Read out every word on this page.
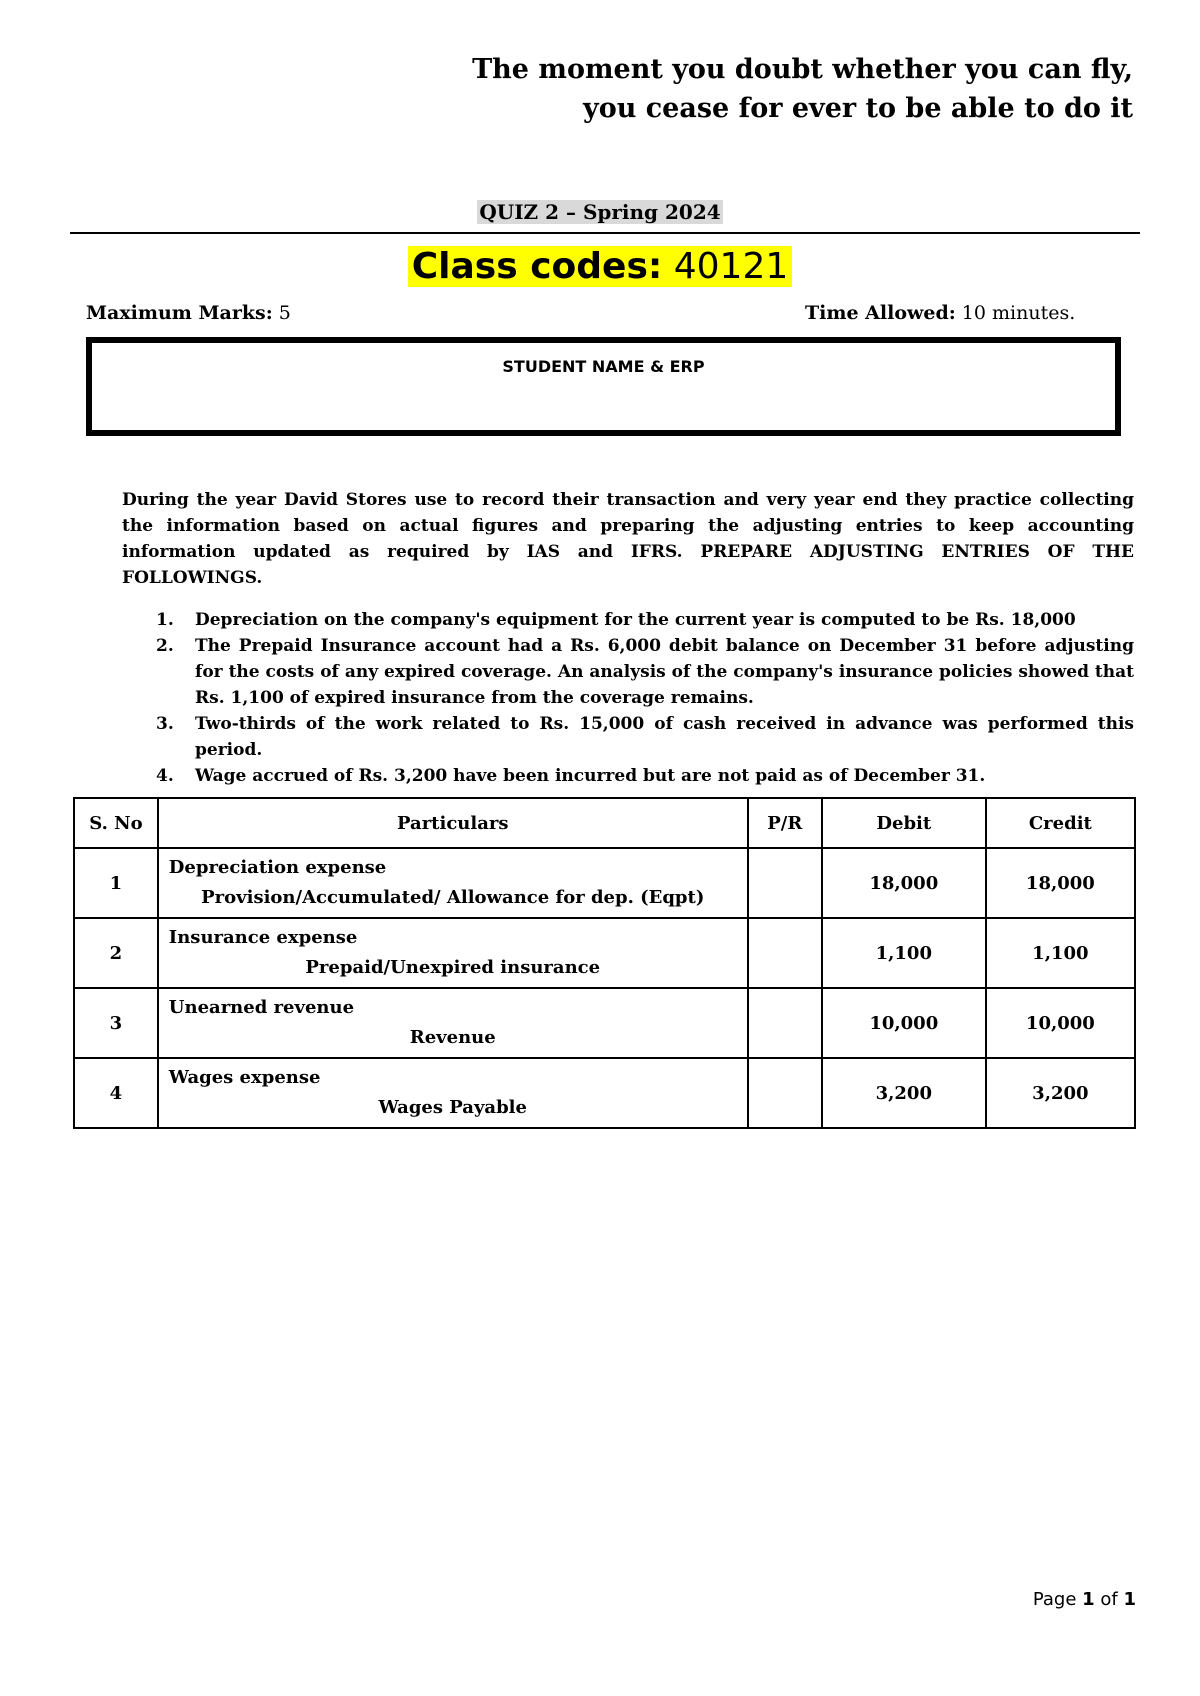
The moment you doubt whether you can fly,
you cease for ever to be able to do it
QUIZ 2 – Spring 2024
Class codes: 40121
Maximum Marks: 5	Time Allowed: 10 minutes.
STUDENT NAME & ERP
During the year David Stores use to record their transaction and very year end they practice collecting the information based on actual figures and preparing the adjusting entries to keep accounting information updated as required by IAS and IFRS. PREPARE ADJUSTING ENTRIES OF THE FOLLOWINGS.
1. Depreciation on the company's equipment for the current year is computed to be Rs. 18,000
2. The Prepaid Insurance account had a Rs. 6,000 debit balance on December 31 before adjusting for the costs of any expired coverage. An analysis of the company's insurance policies showed that Rs. 1,100 of expired insurance from the coverage remains.
3. Two-thirds of the work related to Rs. 15,000 of cash received in advance was performed this period.
4. Wage accrued of Rs. 3,200 have been incurred but are not paid as of December 31.
S. No	Particulars	P/R	Debit	Credit
1	Depreciation expense
Provision/Accumulated/ Allowance for dep. (Eqpt)		18,000	18,000
2	Insurance expense
Prepaid/Unexpired insurance		1,100	1,100
3	Unearned revenue
Revenue		10,000	10,000
4	Wages expense
Wages Payable		3,200	3,200
Page 1 of 1
